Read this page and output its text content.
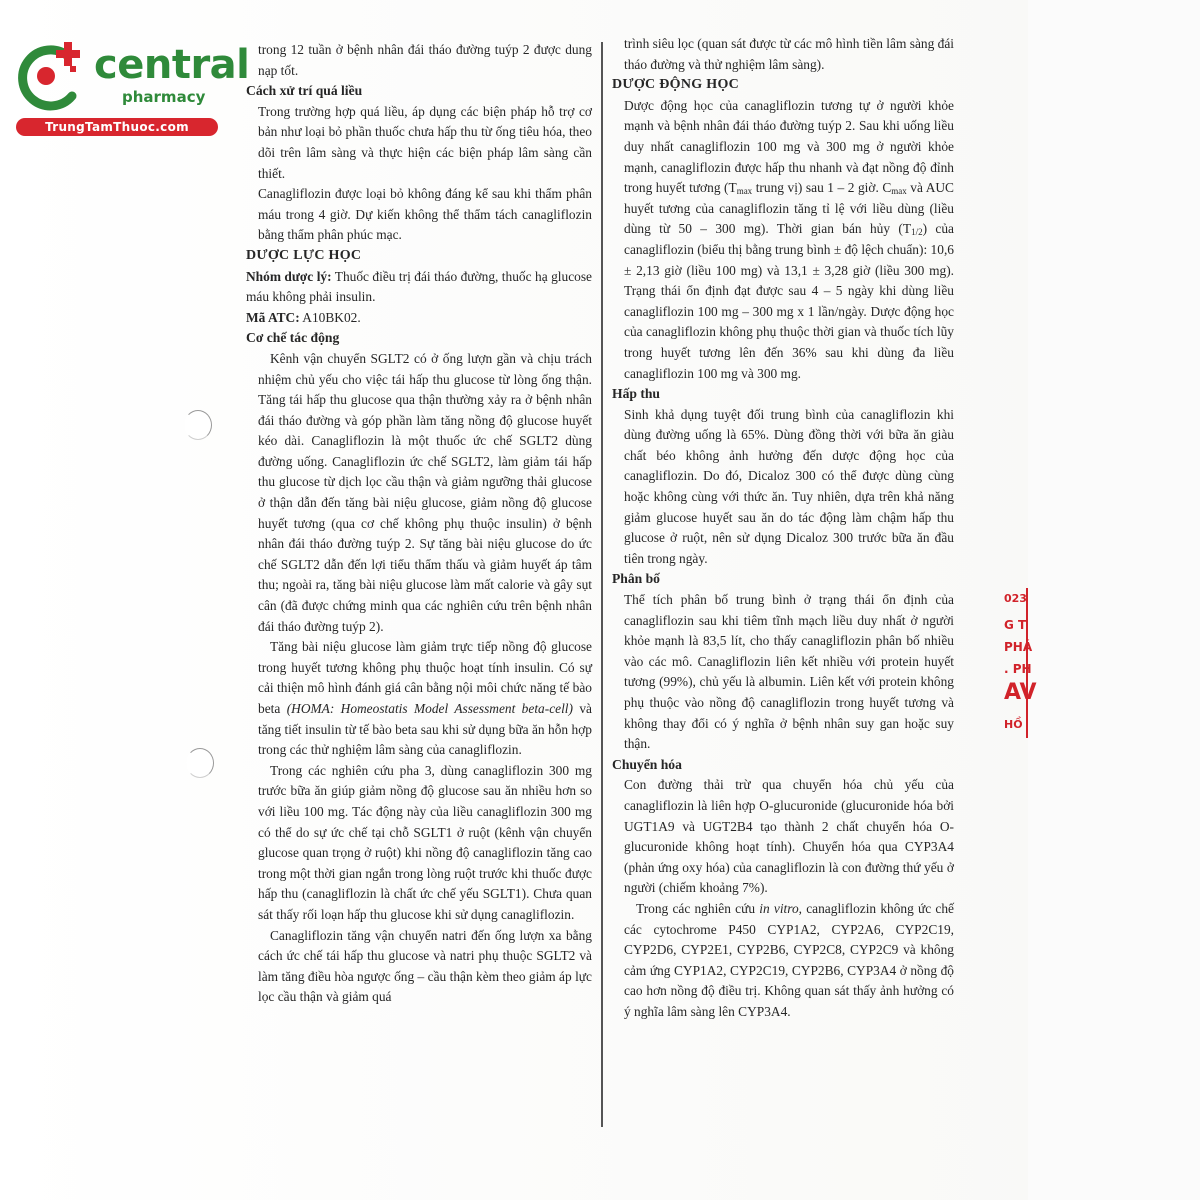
central
pharmacy
TrungTamThuoc.com

trong 12 tuần ở bệnh nhân đái tháo đường tuýp 2 được dung nạp tốt.

Cách xử trí quá liều

Trong trường hợp quá liều, áp dụng các biện pháp hỗ trợ cơ bản như loại bỏ phần thuốc chưa hấp thu từ ống tiêu hóa, theo dõi trên lâm sàng và thực hiện các biện pháp lâm sàng cần thiết.

Canagliflozin được loại bỏ không đáng kể sau khi thẩm phân máu trong 4 giờ. Dự kiến không thể thẩm tách canagliflozin bằng thẩm phân phúc mạc.

DƯỢC LỰC HỌC

Nhóm dược lý: Thuốc điều trị đái tháo đường, thuốc hạ glucose máu không phải insulin.

Mã ATC: A10BK02.

Cơ chế tác động

Kênh vận chuyển SGLT2 có ở ống lượn gần và chịu trách nhiệm chủ yếu cho việc tái hấp thu glucose từ lòng ống thận. Tăng tái hấp thu glucose qua thận thường xảy ra ở bệnh nhân đái tháo đường và góp phần làm tăng nồng độ glucose huyết kéo dài. Canagliflozin là một thuốc ức chế SGLT2 dùng đường uống. Canagliflozin ức chế SGLT2, làm giảm tái hấp thu glucose từ dịch lọc cầu thận và giảm ngưỡng thải glucose ở thận dẫn đến tăng bài niệu glucose, giảm nồng độ glucose huyết tương (qua cơ chế không phụ thuộc insulin) ở bệnh nhân đái tháo đường tuýp 2. Sự tăng bài niệu glucose do ức chế SGLT2 dẫn đến lợi tiểu thẩm thấu và giảm huyết áp tâm thu; ngoài ra, tăng bài niệu glucose làm mất calorie và gây sụt cân (đã được chứng minh qua các nghiên cứu trên bệnh nhân đái tháo đường tuýp 2).

Tăng bài niệu glucose làm giảm trực tiếp nồng độ glucose trong huyết tương không phụ thuộc hoạt tính insulin. Có sự cải thiện mô hình đánh giá cân bằng nội môi chức năng tế bào beta (HOMA: Homeostatis Model Assessment beta-cell) và tăng tiết insulin từ tế bào beta sau khi sử dụng bữa ăn hỗn hợp trong các thử nghiệm lâm sàng của canagliflozin.

Trong các nghiên cứu pha 3, dùng canagliflozin 300 mg trước bữa ăn giúp giảm nồng độ glucose sau ăn nhiều hơn so với liều 100 mg. Tác động này của liều canagliflozin 300 mg có thể do sự ức chế tại chỗ SGLT1 ở ruột (kênh vận chuyển glucose quan trọng ở ruột) khi nồng độ canagliflozin tăng cao trong một thời gian ngắn trong lòng ruột trước khi thuốc được hấp thu (canagliflozin là chất ức chế yếu SGLT1). Chưa quan sát thấy rối loạn hấp thu glucose khi sử dụng canagliflozin.

Canagliflozin tăng vận chuyển natri đến ống lượn xa bằng cách ức chế tái hấp thu glucose và natri phụ thuộc SGLT2 và làm tăng điều hòa ngược ống – cầu thận kèm theo giảm áp lực lọc cầu thận và giảm quá

trình siêu lọc (quan sát được từ các mô hình tiền lâm sàng đái tháo đường và thử nghiệm lâm sàng).

DƯỢC ĐỘNG HỌC

Dược động học của canagliflozin tương tự ở người khỏe mạnh và bệnh nhân đái tháo đường tuýp 2. Sau khi uống liều duy nhất canagliflozin 100 mg và 300 mg ở người khỏe mạnh, canagliflozin được hấp thu nhanh và đạt nồng độ đỉnh trong huyết tương ($T_{max}$ trung vị) sau 1 – 2 giờ. $C_{max}$ và AUC huyết tương của canagliflozin tăng tỉ lệ với liều dùng (liều dùng từ 50 – 300 mg). Thời gian bán hủy $(T_{1/2})$ của canagliflozin (biểu thị bằng trung bình ± độ lệch chuẩn): 10,6 ± 2,13 giờ (liều 100 mg) và 13,1 ± 3,28 giờ (liều 300 mg). Trạng thái ổn định đạt được sau 4 – 5 ngày khi dùng liều canagliflozin 100 mg – 300 mg x 1 lần/ngày. Dược động học của canagliflozin không phụ thuộc thời gian và thuốc tích lũy trong huyết tương lên đến 36% sau khi dùng đa liều canagliflozin 100 mg và 300 mg.

Hấp thu

Sinh khả dụng tuyệt đối trung bình của canagliflozin khi dùng đường uống là 65%. Dùng đồng thời với bữa ăn giàu chất béo không ảnh hưởng đến dược động học của canagliflozin. Do đó, Dicaloz 300 có thể được dùng cùng hoặc không cùng với thức ăn. Tuy nhiên, dựa trên khả năng giảm glucose huyết sau ăn do tác động làm chậm hấp thu glucose ở ruột, nên sử dụng Dicaloz 300 trước bữa ăn đầu tiên trong ngày.

Phân bố

Thể tích phân bố trung bình ở trạng thái ổn định của canagliflozin sau khi tiêm tĩnh mạch liều duy nhất ở người khỏe mạnh là 83,5 lít, cho thấy canagliflozin phân bố nhiều vào các mô. Canagliflozin liên kết nhiều với protein huyết tương (99%), chủ yếu là albumin. Liên kết với protein không phụ thuộc vào nồng độ canagliflozin trong huyết tương và không thay đổi có ý nghĩa ở bệnh nhân suy gan hoặc suy thận.

Chuyển hóa

Con đường thải trừ qua chuyển hóa chủ yếu của canagliflozin là liên hợp O-glucuronide (glucuronide hóa bởi UGT1A9 và UGT2B4 tạo thành 2 chất chuyển hóa O-glucuronide không hoạt tính). Chuyển hóa qua CYP3A4 (phản ứng oxy hóa) của canagliflozin là con đường thứ yếu ở người (chiếm khoảng 7%).

Trong các nghiên cứu in vitro, canagliflozin không ức chế các cytochrome P450 CYP1A2, CYP2A6, CYP2C19, CYP2D6, CYP2E1, CYP2B6, CYP2C8, CYP2C9 và không cảm ứng CYP1A2, CYP2C19, CYP2B6, CYP3A4 ở nồng độ cao hơn nồng độ điều trị. Không quan sát thấy ảnh hưởng có ý nghĩa lâm sàng lên CYP3A4.

023
G T
PHÁ
. PH
AV
HỒ
